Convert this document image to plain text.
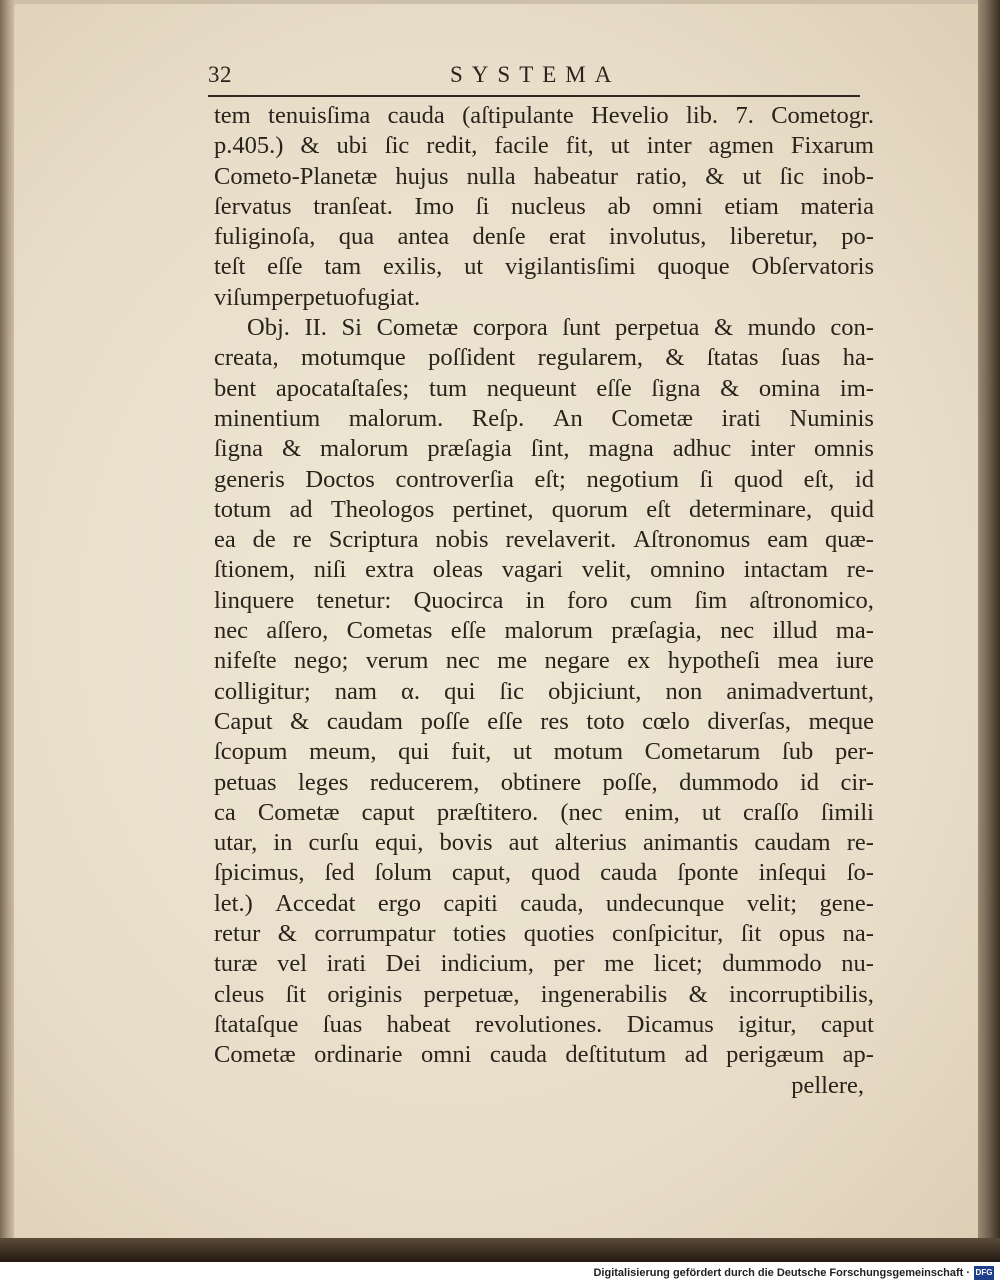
32	SYSTEMA
tem tenuisſima cauda (aſtipulante Hevelio lib. 7. Cometogr.
p.405.) & ubi ſic redit, facile fit, ut inter agmen Fixarum
Cometo-Planetæ hujus nulla habeatur ratio, & ut ſic inob-
ſervatus tranſeat. Imo ſi nucleus ab omni etiam materia
fuliginoſa, qua antea denſe erat involutus, liberetur, po-
teſt eſſe tam exilis, ut vigilantisſimi quoque Obſervatoris
viſum perpetuo fugiat.
Obj. II. Si Cometæ corpora ſunt perpetua & mundo con-
creata, motumque poſſident regularem, & ſtatas ſuas ha-
bent apocataſtaſes; tum nequeunt eſſe ſigna & omina im-
minentium malorum. Reſp. An Cometæ irati Numinis
ſigna & malorum præſagia ſint, magna adhuc inter omnis
generis Doctos controverſia eſt; negotium ſi quod eſt, id
totum ad Theologos pertinet, quorum eſt determinare, quid
ea de re Scriptura nobis revelaverit. Aſtronomus eam quæ-
ſtionem, niſi extra oleas vagari velit, omnino intactam re-
linquere tenetur: Quocirca in foro cum ſim aſtronomico,
nec aſſero, Cometas eſſe malorum præſagia, nec illud ma-
nifeſte nego; verum nec me negare ex hypotheſi mea iure
colligitur; nam α. qui ſic objiciunt, non animadvertunt,
Caput & caudam poſſe eſſe res toto cœlo diverſas, meque
ſcopum meum, qui fuit, ut motum Cometarum ſub per-
petuas leges reducerem, obtinere poſſe, dummodo id cir-
ca Cometæ caput præſtitero. (nec enim, ut craſſo ſimili
utar, in curſu equi, bovis aut alterius animantis caudam re-
ſpicimus, ſed ſolum caput, quod cauda ſponte inſequi ſo-
let.) Accedat ergo capiti cauda, undecunque velit; gene-
retur & corrumpatur toties quoties conſpicitur, ſit opus na-
turæ vel irati Dei indicium, per me licet; dummodo nu-
cleus ſit originis perpetuæ, ingenerabilis & incorruptibilis,
ſtataſque ſuas habeat revolutiones. Dicamus igitur, caput
Cometæ ordinarie omni cauda deſtitutum ad perigæum ap-
pellere,
Digitalisierung gefördert durch die Deutsche Forschungsgemeinschaft · DFG
